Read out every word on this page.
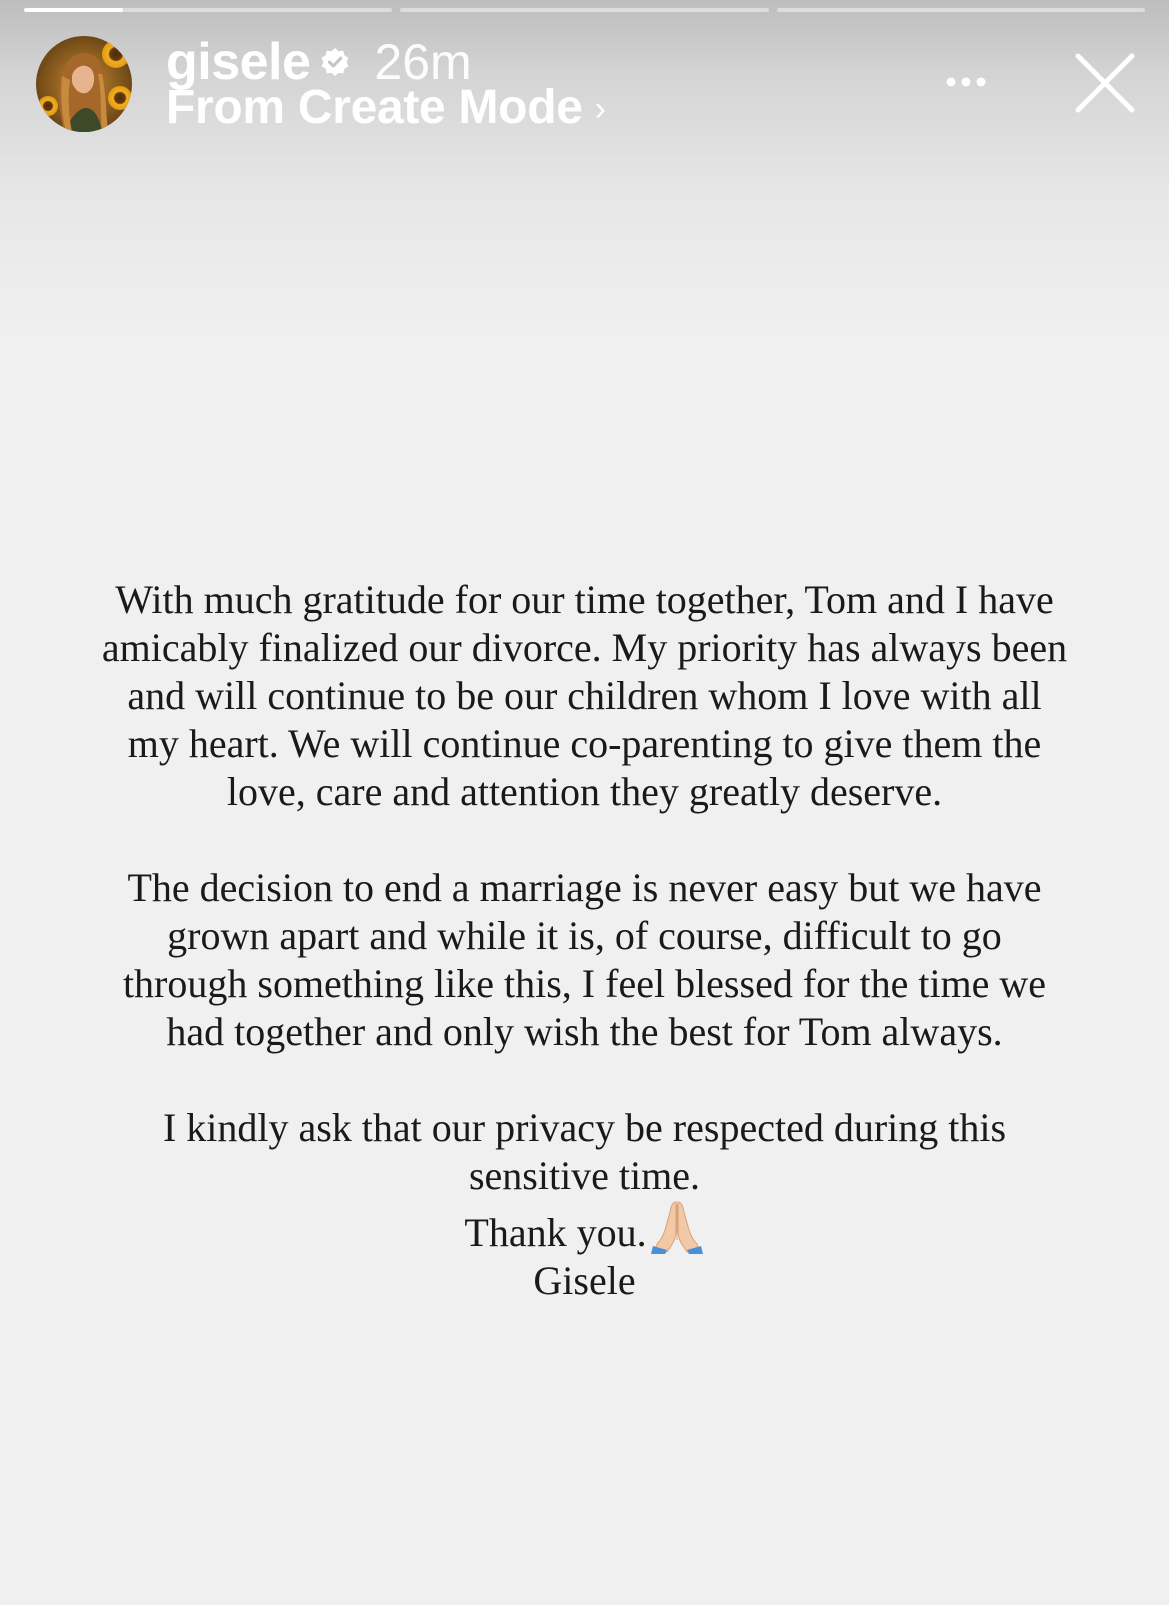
gisele 26m
From Create Mode ›

With much gratitude for our time together, Tom and I have amicably finalized our divorce. My priority has always been and will continue to be our children whom I love with all my heart. We will continue co-parenting to give them the love, care and attention they greatly deserve.

The decision to end a marriage is never easy but we have grown apart and while it is, of course, difficult to go through something like this, I feel blessed for the time we had together and only wish the best for Tom always.

I kindly ask that our privacy be respected during this sensitive time.
Thank you.
Gisele
